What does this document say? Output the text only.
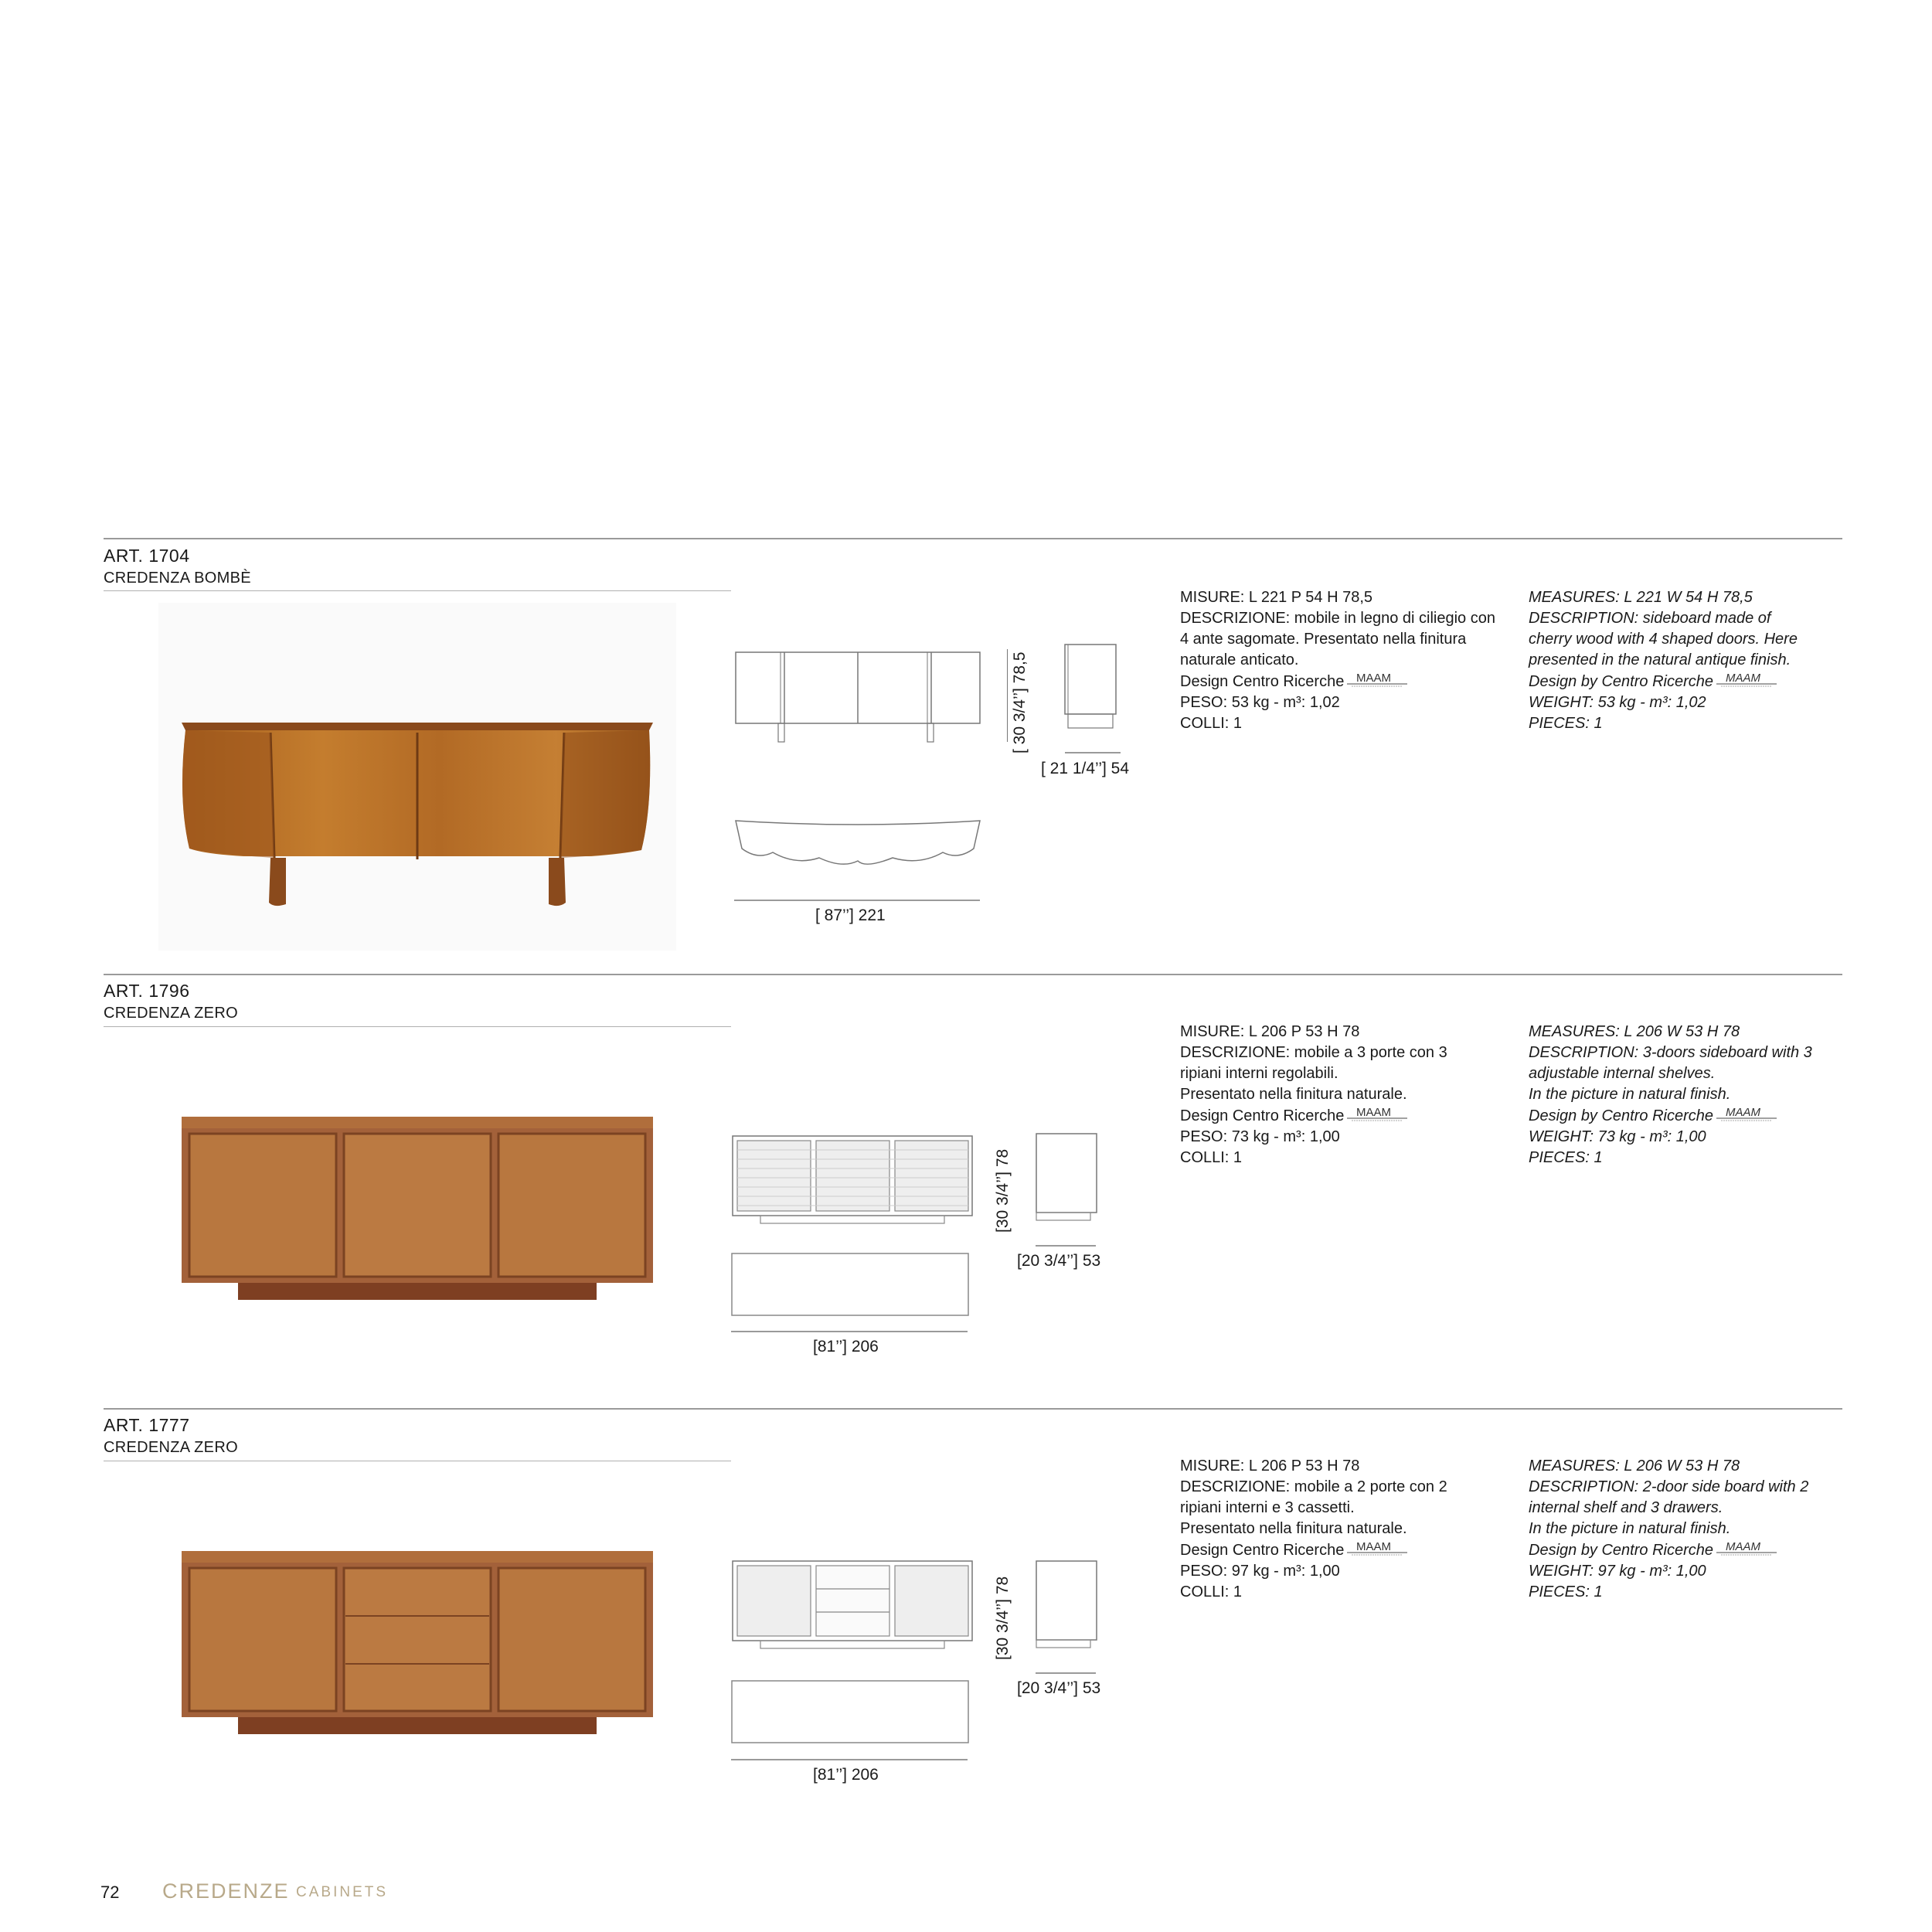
ART. 1704
CREDENZA BOMBÈ
[ 30 3/4’’] 78,5
[ 21 1/4’’] 54
[ 87’’] 221
MISURE: L 221 P 54 H 78,5
DESCRIZIONE: mobile in legno di ciliegio con
4 ante sagomate. Presentato nella finitura
naturale anticato.
Design Centro Ricerche MAAM
PESO: 53 kg - m³: 1,02
COLLI: 1
MEASURES: L 221 W 54 H 78,5
DESCRIPTION: sideboard made of
cherry wood with 4 shaped doors. Here
presented in the natural antique finish.
Design by Centro Ricerche MAAM
WEIGHT: 53 kg - m³: 1,02
PIECES: 1
ART. 1796
CREDENZA ZERO
[30 3/4’’] 78
[20 3/4’’] 53
[81’’] 206
MISURE: L 206 P 53 H 78
DESCRIZIONE: mobile a 3 porte con 3
ripiani interni regolabili.
Presentato nella finitura naturale.
Design Centro Ricerche MAAM
PESO: 73 kg - m³: 1,00
COLLI: 1
MEASURES: L 206 W 53 H 78
DESCRIPTION: 3-doors sideboard with 3
adjustable internal shelves.
In the picture in natural finish.
Design by Centro Ricerche MAAM
WEIGHT: 73 kg - m³: 1,00
PIECES: 1
ART. 1777
CREDENZA ZERO
[30 3/4’’] 78
[20 3/4’’] 53
[81’’] 206
MISURE: L 206 P 53 H 78
DESCRIZIONE: mobile a 2 porte con 2
ripiani interni e 3 cassetti.
Presentato nella finitura naturale.
Design Centro Ricerche MAAM
PESO: 97 kg - m³: 1,00
COLLI: 1
MEASURES: L 206 W 53 H 78
DESCRIPTION: 2-door side board with 2
internal shelf and 3 drawers.
In the picture in natural finish.
Design by Centro Ricerche MAAM
WEIGHT: 97 kg - m³: 1,00
PIECES: 1
72 CREDENZE CABINETS
